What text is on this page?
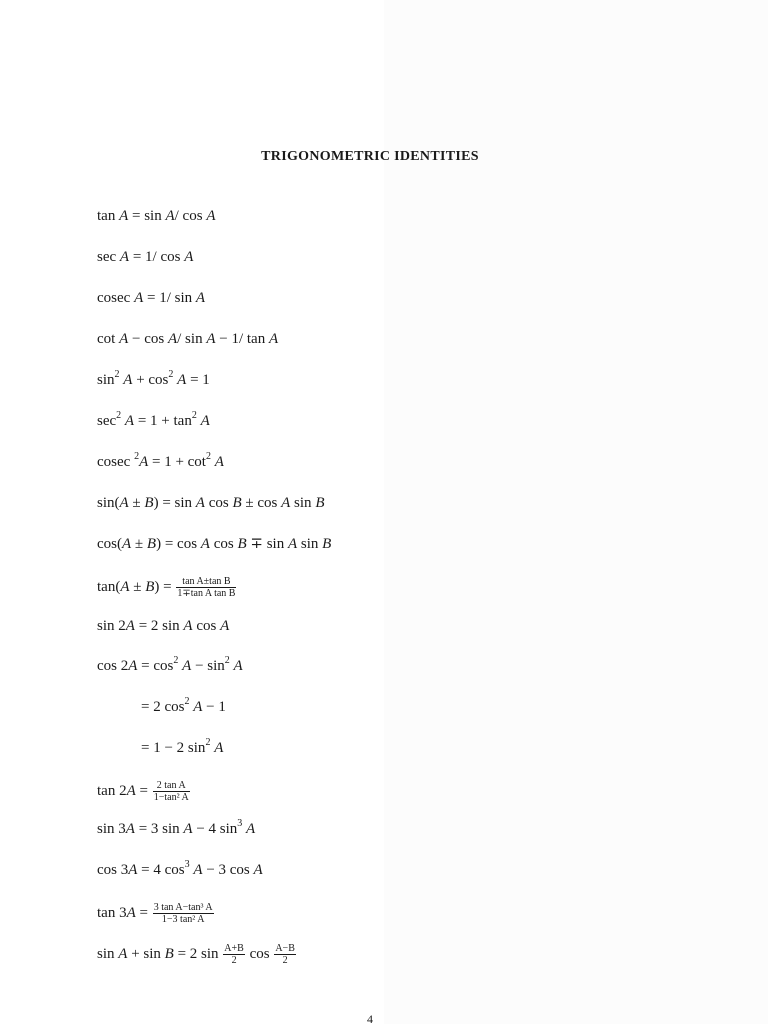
TRIGONOMETRIC IDENTITIES
tan A = sin A/ cos A
sec A = 1/ cos A
cosec A = 1/ sin A
cot A − cos A/ sin A − 1/ tan A
$\sin^2 A + \cos^2 A = 1$
$\sec^2 A = 1 + \tan^2 A$
cosec $^2A = 1 + \cot^2 A$
sin(A ± B) = sin A cos B ± cos A sin B
cos(A ± B) = cos A cos B ∓ sin A sin B
$\tan(A \pm B) = \frac{\text{tan A±tan B}}{\text{1∓tan A tan B}}$
sin 2A = 2 sin A cos A
$\cos 2A = \cos^2 A - \sin^2 A$
= 2 $\cos^2 A - 1$
= 1 − 2 $\sin^2 A$
$\tan 2A = \frac{\text{2 tan A}}{\text{1−tan² A}}$
sin 3A = 3 sin A − 4 $\sin^3 A$
cos 3A = 4 $\cos^3 A - 3$ cos A
$\tan 3A = \frac{\text{3 tan A−tan³ A}}{\text{1−3 tan² A}}$
sin A + sin B = 2 $\sin \frac{A+B}{2}$ $\cos \frac{A-B}{2}$
4
